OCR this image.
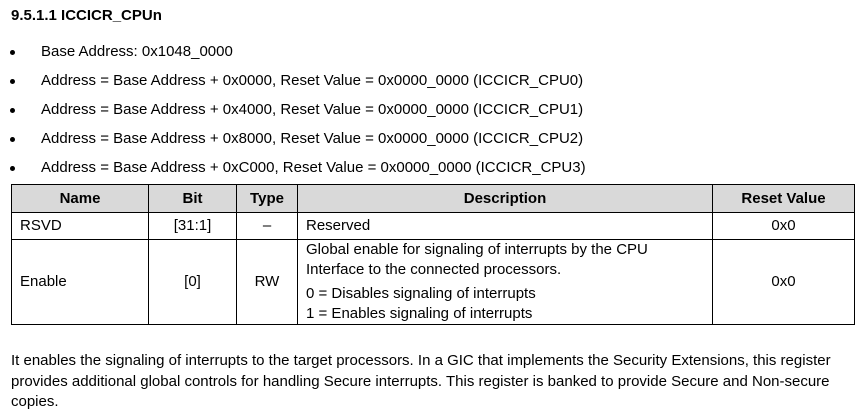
9.5.1.1 ICCICR_CPUn
Base Address: 0x1048_0000
Address = Base Address + 0x0000, Reset Value = 0x0000_0000 (ICCICR_CPU0)
Address = Base Address + 0x4000, Reset Value = 0x0000_0000 (ICCICR_CPU1)
Address = Base Address + 0x8000, Reset Value = 0x0000_0000 (ICCICR_CPU2)
Address = Base Address + 0xC000, Reset Value = 0x0000_0000 (ICCICR_CPU3)
Name	Bit	Type	Description	Reset Value
RSVD	[31:1]	–	Reserved	0x0
Enable	[0]	RW	Global enable for signaling of interrupts by the CPU
Interface to the connected processors.
0 = Disables signaling of interrupts
1 = Enables signaling of interrupts	0x0
It enables the signaling of interrupts to the target processors. In a GIC that implements the Security Extensions, this register provides additional global controls for handling Secure interrupts. This register is banked to provide Secure and Non-secure copies.
